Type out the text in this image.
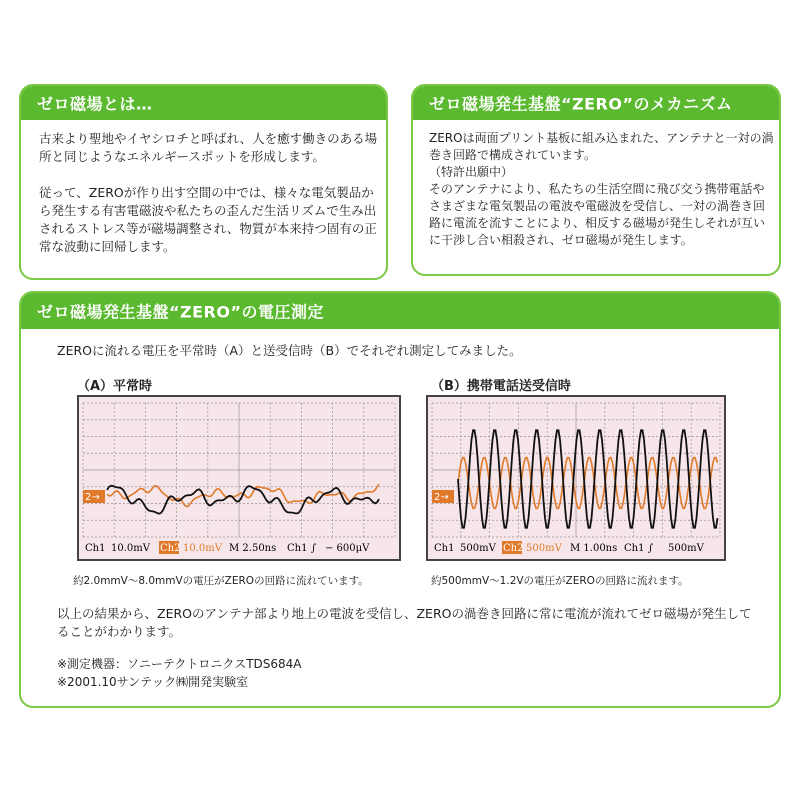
ゼロ磁場とは…

古来より聖地やイヤシロチと呼ばれ、人を癒す働きのある場所と同じようなエネルギースポットを形成します。

従って、ZEROが作り出す空間の中では、様々な電気製品から発生する有害電磁波や私たちの歪んだ生活リズムで生み出されるストレス等が磁場調整され、物質が本来持つ固有の正常な波動に回帰します。

ゼロ磁場発生基盤“ZERO”のメカニズム

ZEROは両面プリント基板に組み込まれた、アンテナと一対の渦巻き回路で構成されています。

（特許出願中）

そのアンテナにより、私たちの生活空間に飛び交う携帯電話やさまざまな電気製品の電波や電磁波を受信し、一対の渦巻き回路に電流を流すことにより、相反する磁場が発生しそれが互いに干渉し合い相殺され、ゼロ磁場が発生します。

ゼロ磁場発生基盤“ZERO”の電圧測定
ZEROに流れる電圧を平常時（A）と送受信時（B）でそれぞれ測定してみました。
（A）平常時
2→
Ch1 10.0mV Ch2 10.0mV M 2.50ns Ch1 ∫ − 600μV
約2.0mmV〜8.0mmVの電圧がZEROの回路に流れています。
（B）携帯電話送受信時
2→
Ch1 500mV Ch2 500mV M 1.00ns Ch1 ∫ 500mV
約500mmV〜1.2Vの電圧がZEROの回路に流れます。
以上の結果から、ZEROのアンテナ部より地上の電波を受信し、ZEROの渦巻き回路に常に電流が流れてゼロ磁場が発生してることがわかります。
※測定機器：ソニーテクトロニクスTDS684A
※2001.10サンテック㈱開発実験室
